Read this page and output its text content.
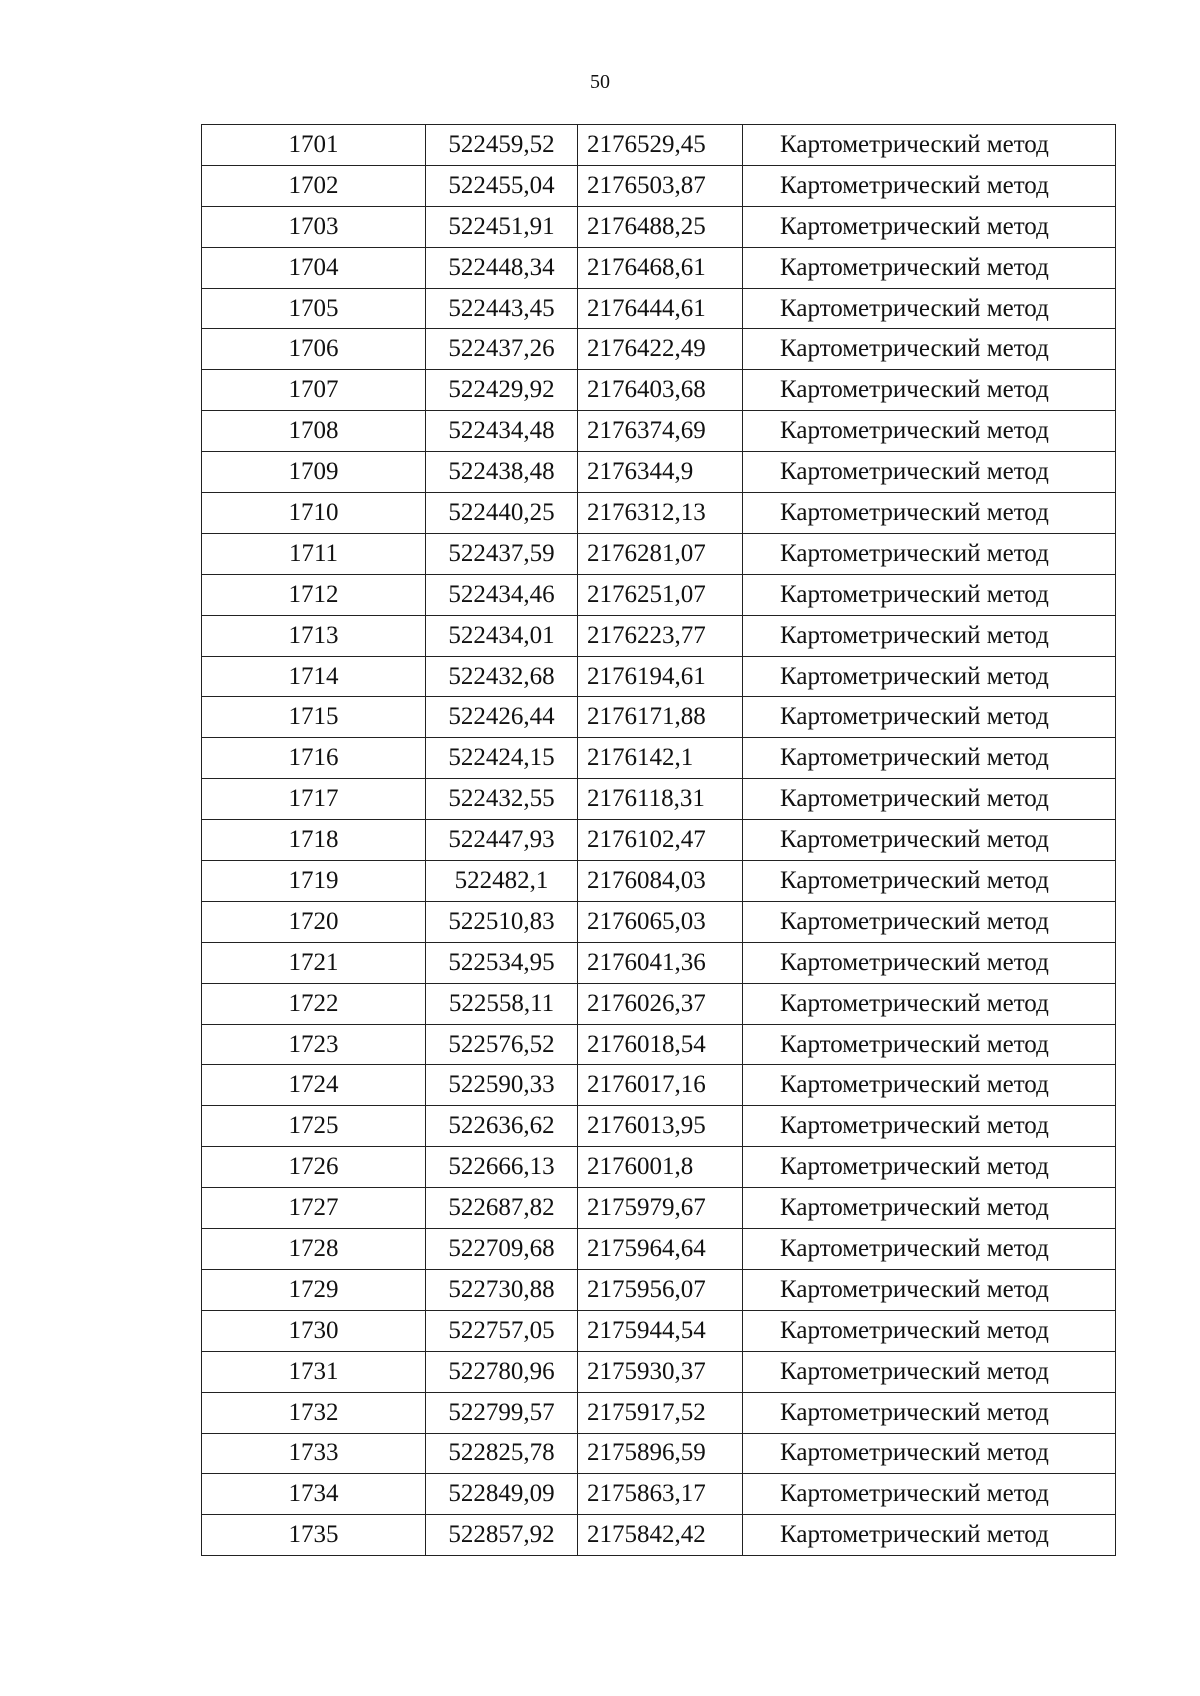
50
1701	522459,52	2176529,45	Картометрический метод
1702	522455,04	2176503,87	Картометрический метод
1703	522451,91	2176488,25	Картометрический метод
1704	522448,34	2176468,61	Картометрический метод
1705	522443,45	2176444,61	Картометрический метод
1706	522437,26	2176422,49	Картометрический метод
1707	522429,92	2176403,68	Картометрический метод
1708	522434,48	2176374,69	Картометрический метод
1709	522438,48	2176344,9	Картометрический метод
1710	522440,25	2176312,13	Картометрический метод
1711	522437,59	2176281,07	Картометрический метод
1712	522434,46	2176251,07	Картометрический метод
1713	522434,01	2176223,77	Картометрический метод
1714	522432,68	2176194,61	Картометрический метод
1715	522426,44	2176171,88	Картометрический метод
1716	522424,15	2176142,1	Картометрический метод
1717	522432,55	2176118,31	Картометрический метод
1718	522447,93	2176102,47	Картометрический метод
1719	522482,1	2176084,03	Картометрический метод
1720	522510,83	2176065,03	Картометрический метод
1721	522534,95	2176041,36	Картометрический метод
1722	522558,11	2176026,37	Картометрический метод
1723	522576,52	2176018,54	Картометрический метод
1724	522590,33	2176017,16	Картометрический метод
1725	522636,62	2176013,95	Картометрический метод
1726	522666,13	2176001,8	Картометрический метод
1727	522687,82	2175979,67	Картометрический метод
1728	522709,68	2175964,64	Картометрический метод
1729	522730,88	2175956,07	Картометрический метод
1730	522757,05	2175944,54	Картометрический метод
1731	522780,96	2175930,37	Картометрический метод
1732	522799,57	2175917,52	Картометрический метод
1733	522825,78	2175896,59	Картометрический метод
1734	522849,09	2175863,17	Картометрический метод
1735	522857,92	2175842,42	Картометрический метод
